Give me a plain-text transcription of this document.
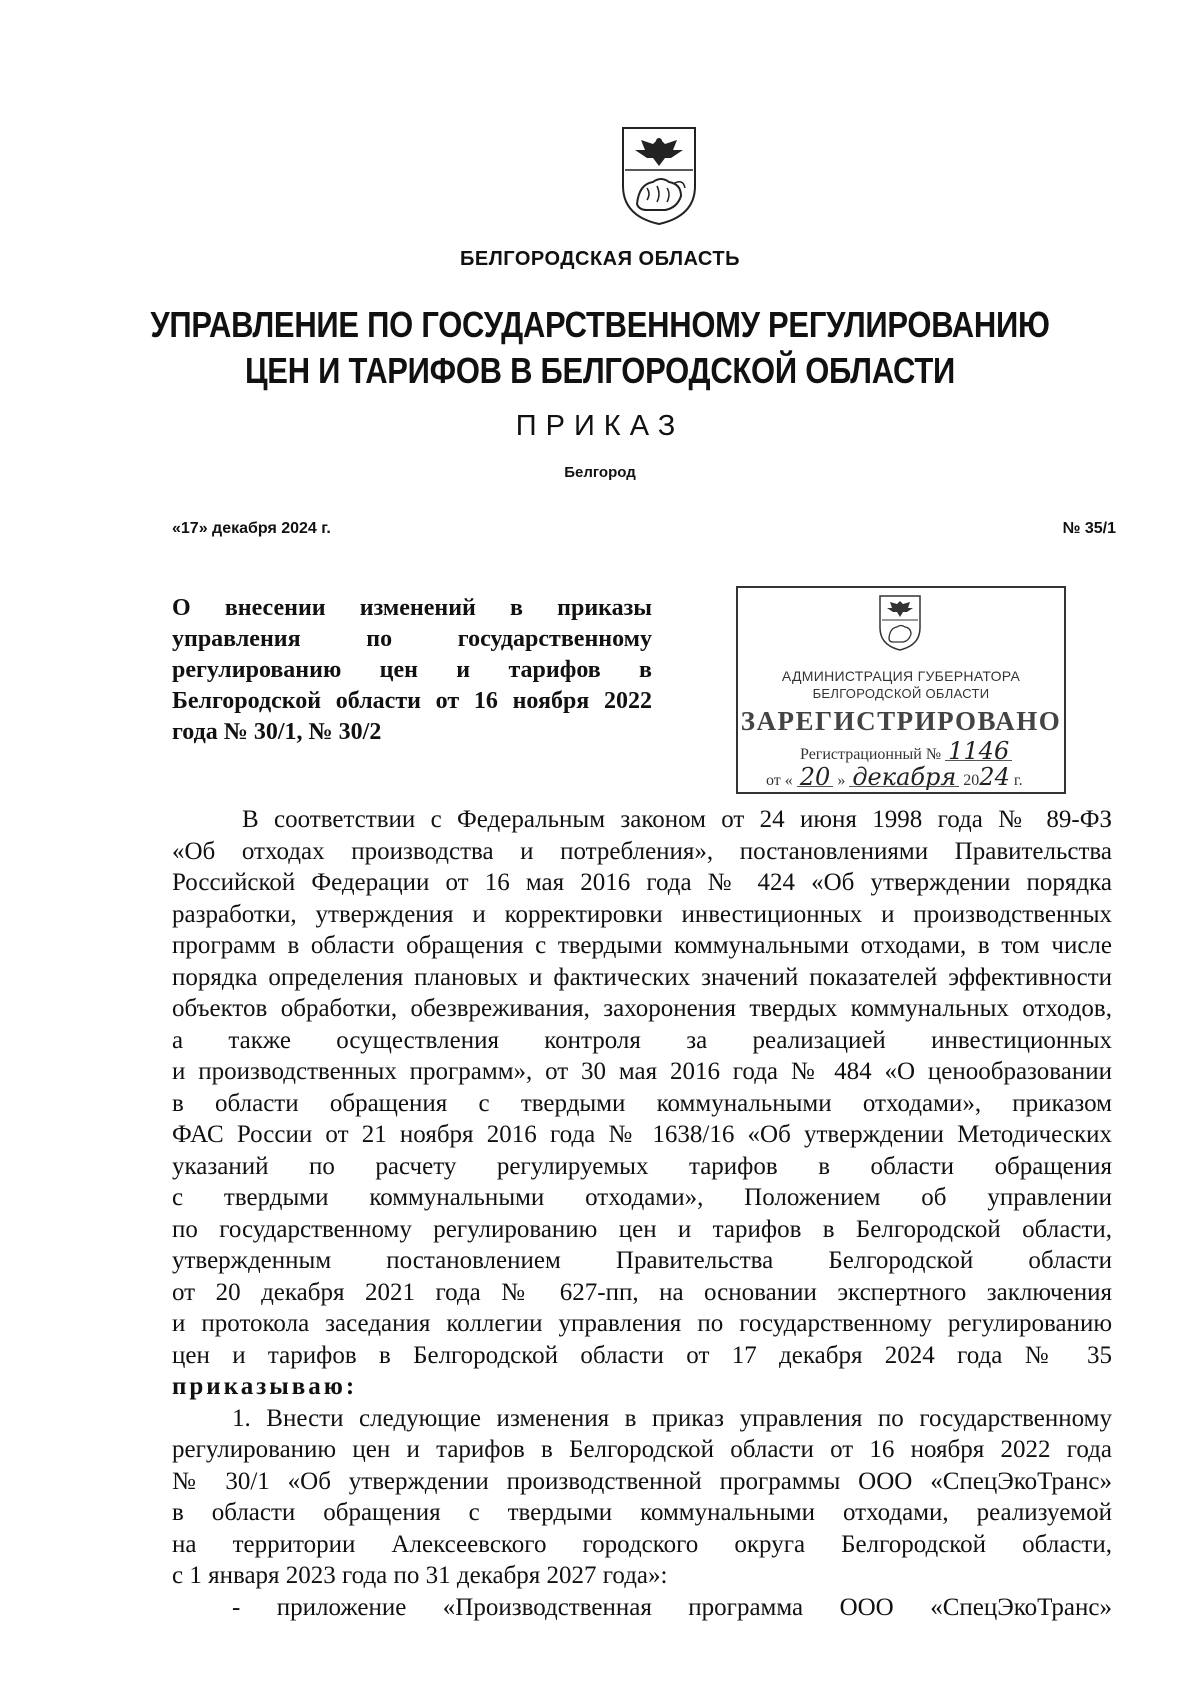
БЕЛГОРОДСКАЯ ОБЛАСТЬ
УПРАВЛЕНИЕ ПО ГОСУДАРСТВЕННОМУ РЕГУЛИРОВАНИЮ
ЦЕН И ТАРИФОВ В БЕЛГОРОДСКОЙ ОБЛАСТИ
ПРИКАЗ
Белгород
«17» декабря 2024 г.	№ 35/1
О внесении изменений в приказы управления по государственному регулированию цен и тарифов в Белгородской области от 16 ноября 2022 года № 30/1, № 30/2
АДМИНИСТРАЦИЯ ГУБЕРНАТОРА
БЕЛГОРОДСКОЙ ОБЛАСТИ
ЗАРЕГИСТРИРОВАНО
Регистрационный № 1146
от « 20 » декабря 2024 г.

В соответствии с Федеральным законом от 24 июня 1998 года № 89-ФЗ

«Об отходах производства и потребления», постановлениями Правительства

Российской Федерации от 16 мая 2016 года № 424 «Об утверждении порядка

разработки, утверждения и корректировки инвестиционных и производственных

программ в области обращения с твердыми коммунальными отходами, в том числе

порядка определения плановых и фактических значений показателей эффективности

объектов обработки, обезвреживания, захоронения твердых коммунальных отходов,

а также осуществления контроля за реализацией инвестиционных

и производственных программ», от 30 мая 2016 года № 484 «О ценообразовании

в области обращения с твердыми коммунальными отходами», приказом

ФАС России от 21 ноября 2016 года № 1638/16 «Об утверждении Методических

указаний по расчету регулируемых тарифов в области обращения

с твердыми коммунальными отходами», Положением об управлении

по государственному регулированию цен и тарифов в Белгородской области,

утвержденным постановлением Правительства Белгородской области

от 20 декабря 2021 года № 627-пп, на основании экспертного заключения

и протокола заседания коллегии управления по государственному регулированию

цен и тарифов в Белгородской области от 17 декабря 2024 года № 35

приказываю:

1. Внести следующие изменения в приказ управления по государственному

регулированию цен и тарифов в Белгородской области от 16 ноября 2022 года

№ 30/1 «Об утверждении производственной программы ООО «СпецЭкоТранс»

в области обращения с твердыми коммунальными отходами, реализуемой

на территории Алексеевского городского округа Белгородской области,

с 1 января 2023 года по 31 декабря 2027 года»:

- приложение «Производственная программа ООО «СпецЭкоТранс»
